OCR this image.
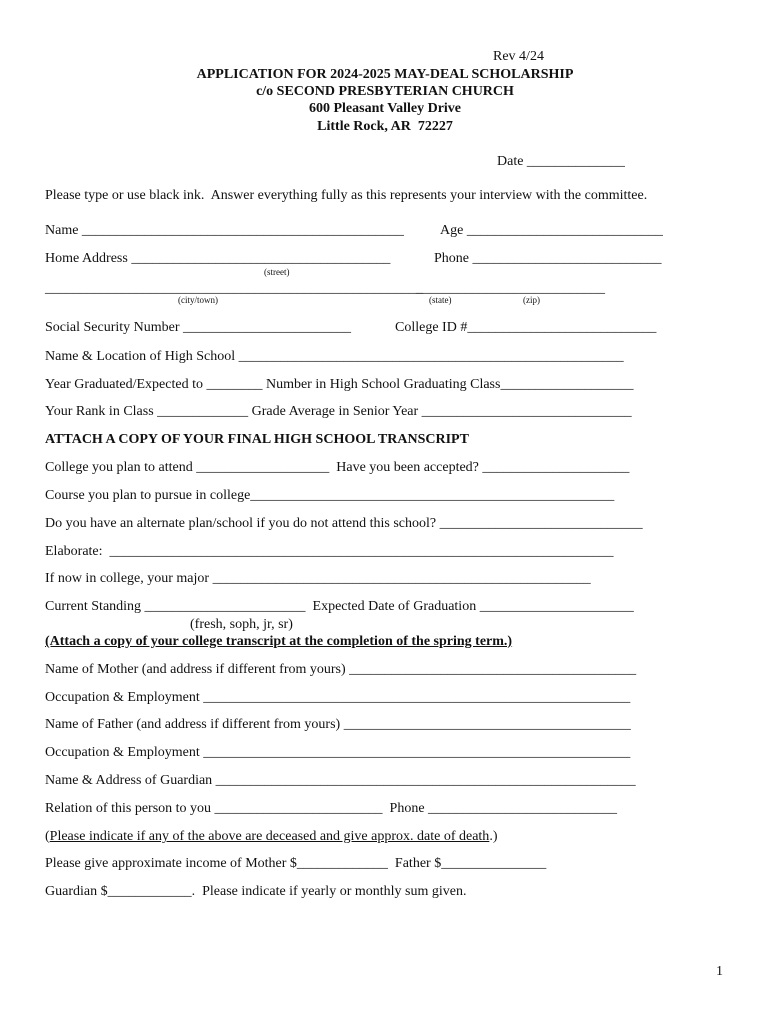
Rev 4/24
APPLICATION FOR 2024-2025 MAY-DEAL SCHOLARSHIP
c/o SECOND PRESBYTERIAN CHURCH
600 Pleasant Valley Drive
Little Rock, AR  72227
Date ______________
Please type or use black ink.  Answer everything fully as this represents your interview with the committee.
Name ______________________________________________	Age ____________________________
Home Address _____________________________________	Phone ___________________________
(street)
______________________________________________________
____________ _______________
(city/town)	(state)	(zip)
Social Security Number ________________________	College ID #___________________________
Name & Location of High School _______________________________________________________
Year Graduated/Expected to ________ Number in High School Graduating Class___________________
Your Rank in Class _____________ Grade Average in Senior Year ______________________________
ATTACH A COPY OF YOUR FINAL HIGH SCHOOL TRANSCRIPT
College you plan to attend ___________________  Have you been accepted? _____________________
Course you plan to pursue in college____________________________________________________
Do you have an alternate plan/school if you do not attend this school? _____________________________
Elaborate:  ________________________________________________________________________
If now in college, your major ______________________________________________________
Current Standing _______________________  Expected Date of Graduation ______________________
(fresh, soph, jr, sr)
(Attach a copy of your college transcript at the completion of the spring term.)
Name of Mother (and address if different from yours) _________________________________________
Occupation & Employment _____________________________________________________________
Name of Father (and address if different from yours) _________________________________________
Occupation & Employment _____________________________________________________________
Name & Address of Guardian ____________________________________________________________
Relation of this person to you ________________________  Phone ___________________________
(Please indicate if any of the above are deceased and give approx. date of death.)
Please give approximate income of Mother $_____________  Father $_______________
Guardian $____________.  Please indicate if yearly or monthly sum given.
1
